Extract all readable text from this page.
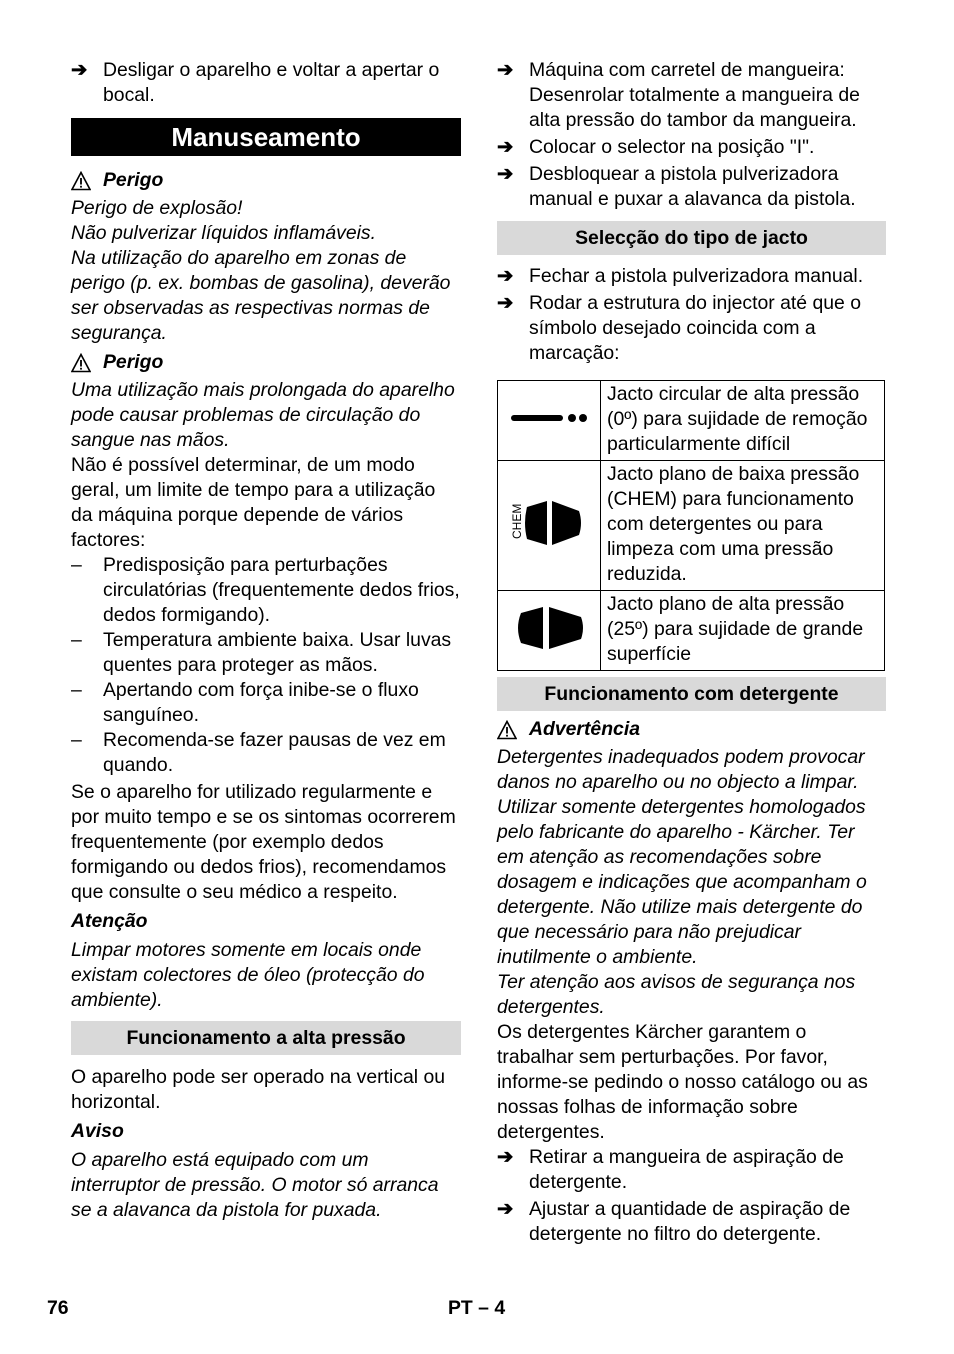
➔ Desligar o aparelho e voltar a apertar o bocal.
Manuseamento
Perigo

Perigo de explosão!

Não pulverizar líquidos inflamáveis.

Na utilização do aparelho em zonas de perigo (p. ex. bombas de gasolina), deverão ser observadas as respectivas normas de segurança.

Perigo

Uma utilização mais prolongada do aparelho pode causar problemas de circulação do sangue nas mãos.

Não é possível determinar, de um modo geral, um limite de tempo para a utilização da máquina porque depende de vários factores:

– Predisposição para perturbações circulatórias (frequentemente dedos frios, dedos formigando).
– Temperatura ambiente baixa. Usar luvas quentes para proteger as mãos.
– Apertando com força inibe-se o fluxo sanguíneo.
– Recomenda-se fazer pausas de vez em quando.

Se o aparelho for utilizado regularmente e por muito tempo e se os sintomas ocorrerem frequentemente (por exemplo dedos formigando ou dedos frios), recomendamos que consulte o seu médico a respeito.

Atenção

Limpar motores somente em locais onde existam colectores de óleo (protecção do ambiente).

Funcionamento a alta pressão

O aparelho pode ser operado na vertical ou horizontal.

Aviso

O aparelho está equipado com um interruptor de pressão. O motor só arranca se a alavanca da pistola for puxada.

➔ Máquina com carretel de mangueira: Desenrolar totalmente a mangueira de alta pressão do tambor da mangueira.
➔ Colocar o selector na posição "I".
➔ Desbloquear a pistola pulverizadora manual e puxar a alavanca da pistola.
Selecção do tipo de jacto
➔ Fechar a pistola pulverizadora manual.
➔ Rodar a estrutura do injector até que o símbolo desejado coincida com a marcação:
	Jacto circular de alta pressão (0º) para sujidade de remoção particularmente difícil

CHEM	Jacto plano de baixa pressão (CHEM) para funcionamento com detergentes ou para limpeza com uma pressão reduzida.
	Jacto plano de alta pressão (25º) para sujidade de grande superfície
Funcionamento com detergente
Advertência

Detergentes inadequados podem provocar danos no aparelho ou no objecto a limpar. Utilizar somente detergentes homologados pelo fabricante do aparelho - Kärcher. Ter em atenção as recomendações sobre dosagem e indicações que acompanham o detergente. Não utilize mais detergente do que necessário para não prejudicar inutilmente o ambiente.

Ter atenção aos avisos de segurança nos detergentes.

Os detergentes Kärcher garantem o trabalhar sem perturbações. Por favor, informe-se pedindo o nosso catálogo ou as nossas folhas de informação sobre detergentes.

➔ Retirar a mangueira de aspiração de detergente.
➔ Ajustar a quantidade de aspiração de detergente no filtro do detergente.
76	PT – 4
